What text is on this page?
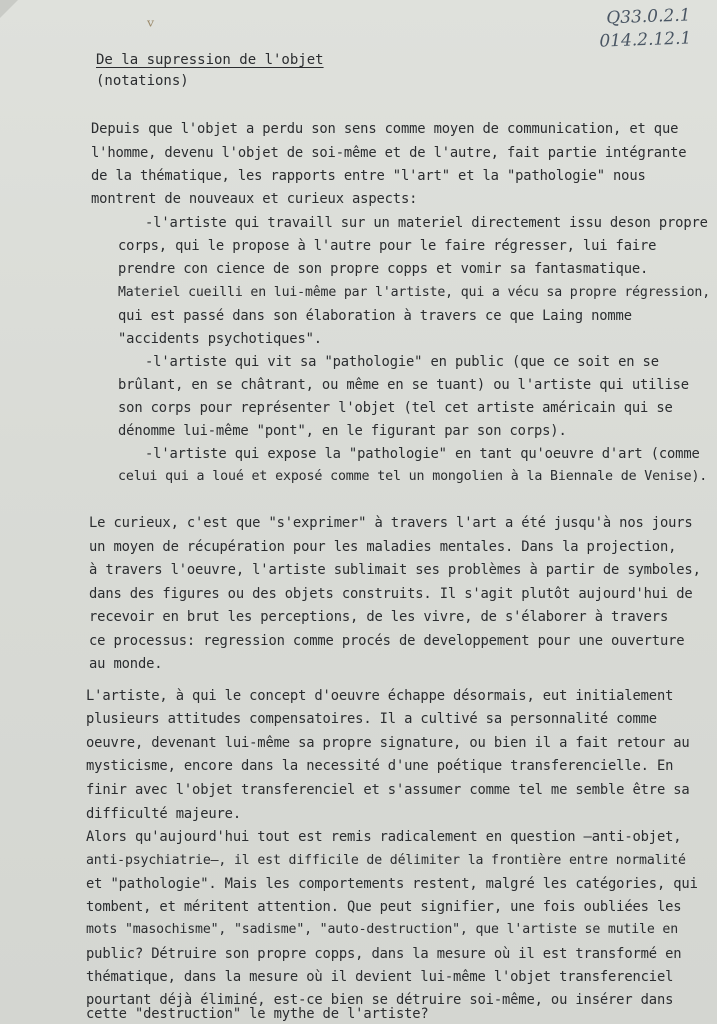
ᵛ	Q33.0.2.1
014.2.12.1
De la supression de l'objet
(notations)
Depuis que l'objet a perdu son sens comme moyen de communication, et que
l'homme, devenu l'objet de soi-même et de l'autre, fait partie intégrante
de la thématique, les rapports entre "l'art" et la "pathologie" nous
montrent de nouveaux et curieux aspects:
-l'artiste qui travaill sur un materiel directement issu deson propre
corps, qui le propose à l'autre pour le faire régresser, lui faire
prendre con cience de son propre copps et vomir sa fantasmatique.
Materiel cueilli en lui-même par l'artiste, qui a vécu sa propre régression,
qui est passé dans son élaboration à travers ce que Laing nomme
"accidents psychotiques".
-l'artiste qui vit sa "pathologie" en public (que ce soit en se
brûlant, en se châtrant, ou même en se tuant) ou l'artiste qui utilise
son corps pour représenter l'objet (tel cet artiste américain qui se
dénomme lui-même "pont", en le figurant par son corps).
-l'artiste qui expose la "pathologie" en tant qu'oeuvre d'art (comme
celui qui a loué et exposé comme tel un mongolien à la Biennale de Venise).
Le curieux, c'est que "s'exprimer" à travers l'art a été jusqu'à nos jours
un moyen de récupération pour les maladies mentales. Dans la projection,
à travers l'oeuvre, l'artiste sublimait ses problèmes à partir de symboles,
dans des figures ou des objets construits. Il s'agit plutôt aujourd'hui de
recevoir en brut les perceptions, de les vivre, de s'élaborer à travers
ce processus: regression comme procés de developpement pour une ouverture
au monde.
L'artiste, à qui le concept d'oeuvre échappe désormais, eut initialement
plusieurs attitudes compensatoires. Il a cultivé sa personnalité comme
oeuvre, devenant lui-même sa propre signature, ou bien il a fait retour au
mysticisme, encore dans la necessité d'une poétique transferencielle. En
finir avec l'objet transferenciel et s'assumer comme tel me semble être sa
difficulté majeure.
Alors qu'aujourd'hui tout est remis radicalement en question —anti-objet,
anti-psychiatrie—, il est difficile de délimiter la frontière entre normalité
et "pathologie". Mais les comportements restent, malgré les catégories, qui
tombent, et méritent attention. Que peut signifier, une fois oubliées les
mots "masochisme", "sadisme", "auto-destruction", que l'artiste se mutile en
public? Détruire son propre copps, dans la mesure où il est transformé en
thématique, dans la mesure où il devient lui-même l'objet transferenciel
pourtant déjà éliminé, est-ce bien se détruire soi-même, ou insérer dans
cette "destruction" le mythe de l'artiste?
